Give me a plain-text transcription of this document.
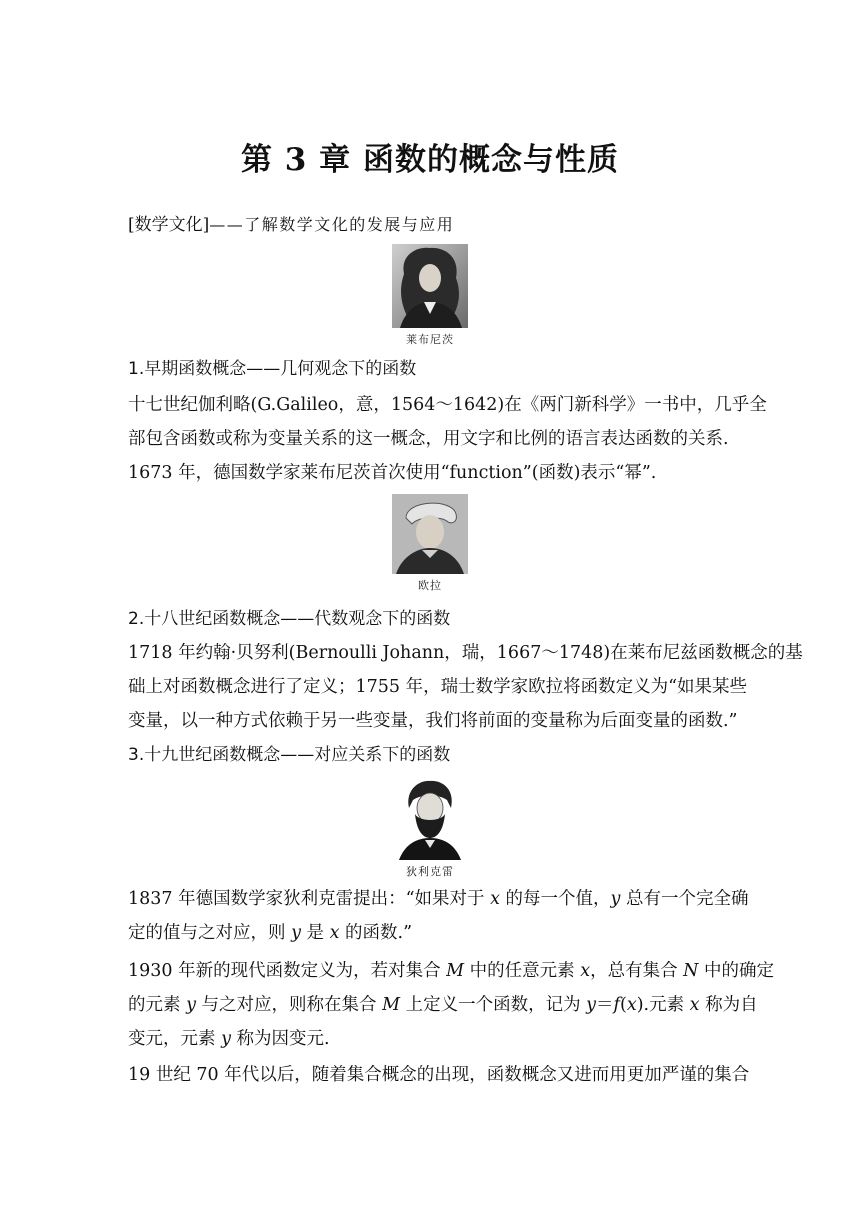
第 3 章 函数的概念与性质
[数学文化]——了解数学文化的发展与应用
莱布尼茨
1.早期函数概念——几何观念下的函数
十七世纪伽利略(G.Galileo，意，1564～1642)在《两门新科学》一书中，几乎全
部包含函数或称为变量关系的这一概念，用文字和比例的语言表达函数的关系.
1673 年，德国数学家莱布尼茨首次使用“function”(函数)表示“幂”.
欧拉
2.十八世纪函数概念——代数观念下的函数
1718 年约翰·贝努利(Bernoulli Johann，瑞，1667～1748)在莱布尼兹函数概念的基
础上对函数概念进行了定义；1755 年，瑞士数学家欧拉将函数定义为“如果某些
变量，以一种方式依赖于另一些变量，我们将前面的变量称为后面变量的函数.”
3.十九世纪函数概念——对应关系下的函数
狄利克雷
1837 年德国数学家狄利克雷提出：“如果对于 x 的每一个值，y 总有一个完全确
定的值与之对应，则 y 是 x 的函数.”
1930 年新的现代函数定义为，若对集合 M 中的任意元素 x，总有集合 N 中的确定
的元素 y 与之对应，则称在集合 M 上定义一个函数，记为 y＝f(x).元素 x 称为自
变元，元素 y 称为因变元.
19 世纪 70 年代以后，随着集合概念的出现，函数概念又进而用更加严谨的集合
